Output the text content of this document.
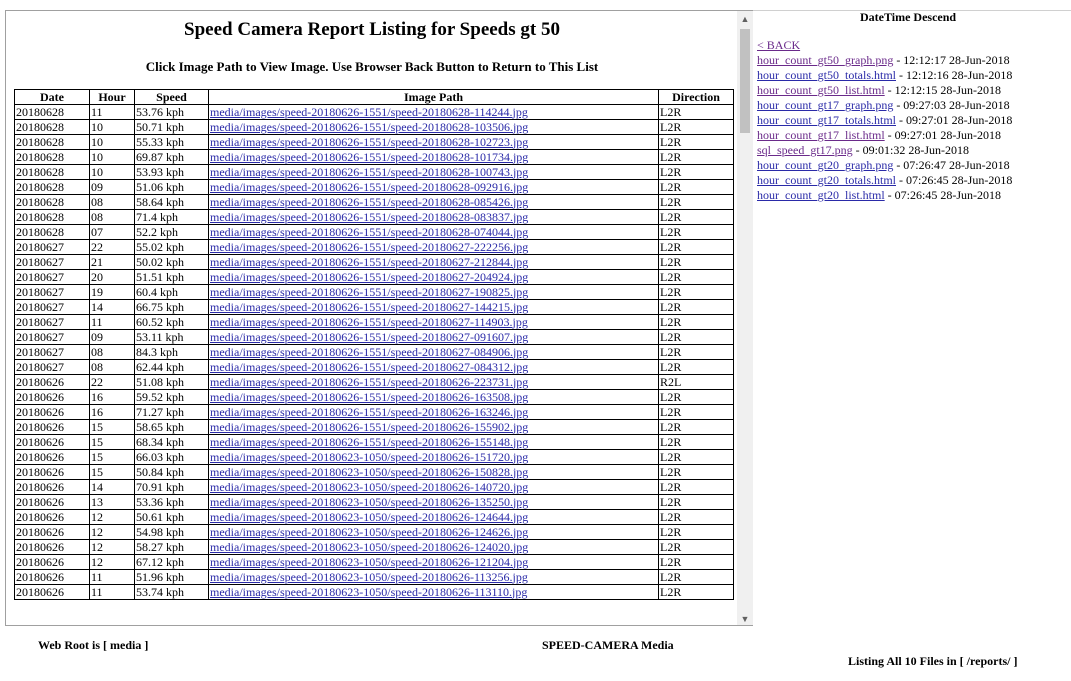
Speed Camera Report Listing for Speeds gt 50
Click Image Path to View Image. Use Browser Back Button to Return to This List
Date	Hour	Speed	Image Path	Direction
20180628	11	53.76 kph	media/images/speed-20180626-1551/speed-20180628-114244.jpg	L2R
20180628	10	50.71 kph	media/images/speed-20180626-1551/speed-20180628-103506.jpg	L2R
20180628	10	55.33 kph	media/images/speed-20180626-1551/speed-20180628-102723.jpg	L2R
20180628	10	69.87 kph	media/images/speed-20180626-1551/speed-20180628-101734.jpg	L2R
20180628	10	53.93 kph	media/images/speed-20180626-1551/speed-20180628-100743.jpg	L2R
20180628	09	51.06 kph	media/images/speed-20180626-1551/speed-20180628-092916.jpg	L2R
20180628	08	58.64 kph	media/images/speed-20180626-1551/speed-20180628-085426.jpg	L2R
20180628	08	71.4 kph	media/images/speed-20180626-1551/speed-20180628-083837.jpg	L2R
20180628	07	52.2 kph	media/images/speed-20180626-1551/speed-20180628-074044.jpg	L2R
20180627	22	55.02 kph	media/images/speed-20180626-1551/speed-20180627-222256.jpg	L2R
20180627	21	50.02 kph	media/images/speed-20180626-1551/speed-20180627-212844.jpg	L2R
20180627	20	51.51 kph	media/images/speed-20180626-1551/speed-20180627-204924.jpg	L2R
20180627	19	60.4 kph	media/images/speed-20180626-1551/speed-20180627-190825.jpg	L2R
20180627	14	66.75 kph	media/images/speed-20180626-1551/speed-20180627-144215.jpg	L2R
20180627	11	60.52 kph	media/images/speed-20180626-1551/speed-20180627-114903.jpg	L2R
20180627	09	53.11 kph	media/images/speed-20180626-1551/speed-20180627-091607.jpg	L2R
20180627	08	84.3 kph	media/images/speed-20180626-1551/speed-20180627-084906.jpg	L2R
20180627	08	62.44 kph	media/images/speed-20180626-1551/speed-20180627-084312.jpg	L2R
20180626	22	51.08 kph	media/images/speed-20180626-1551/speed-20180626-223731.jpg	R2L
20180626	16	59.52 kph	media/images/speed-20180626-1551/speed-20180626-163508.jpg	L2R
20180626	16	71.27 kph	media/images/speed-20180626-1551/speed-20180626-163246.jpg	L2R
20180626	15	58.65 kph	media/images/speed-20180626-1551/speed-20180626-155902.jpg	L2R
20180626	15	68.34 kph	media/images/speed-20180626-1551/speed-20180626-155148.jpg	L2R
20180626	15	66.03 kph	media/images/speed-20180623-1050/speed-20180626-151720.jpg	L2R
20180626	15	50.84 kph	media/images/speed-20180623-1050/speed-20180626-150828.jpg	L2R
20180626	14	70.91 kph	media/images/speed-20180623-1050/speed-20180626-140720.jpg	L2R
20180626	13	53.36 kph	media/images/speed-20180623-1050/speed-20180626-135250.jpg	L2R
20180626	12	50.61 kph	media/images/speed-20180623-1050/speed-20180626-124644.jpg	L2R
20180626	12	54.98 kph	media/images/speed-20180623-1050/speed-20180626-124626.jpg	L2R
20180626	12	58.27 kph	media/images/speed-20180623-1050/speed-20180626-124020.jpg	L2R
20180626	12	67.12 kph	media/images/speed-20180623-1050/speed-20180626-121204.jpg	L2R
20180626	11	51.96 kph	media/images/speed-20180623-1050/speed-20180626-113256.jpg	L2R
20180626	11	53.74 kph	media/images/speed-20180623-1050/speed-20180626-113110.jpg	L2R
▲
▼
DateTime Descend
< BACK
hour_count_gt50_graph.png - 12:12:17 28-Jun-2018
hour_count_gt50_totals.html - 12:12:16 28-Jun-2018
hour_count_gt50_list.html - 12:12:15 28-Jun-2018
hour_count_gt17_graph.png - 09:27:03 28-Jun-2018
hour_count_gt17_totals.html - 09:27:01 28-Jun-2018
hour_count_gt17_list.html - 09:27:01 28-Jun-2018
sql_speed_gt17.png - 09:01:32 28-Jun-2018
hour_count_gt20_graph.png - 07:26:47 28-Jun-2018
hour_count_gt20_totals.html - 07:26:45 28-Jun-2018
hour_count_gt20_list.html - 07:26:45 28-Jun-2018
Web Root is [ media ]	SPEED-CAMERA Media
Listing All 10 Files in [ /reports/ ]
